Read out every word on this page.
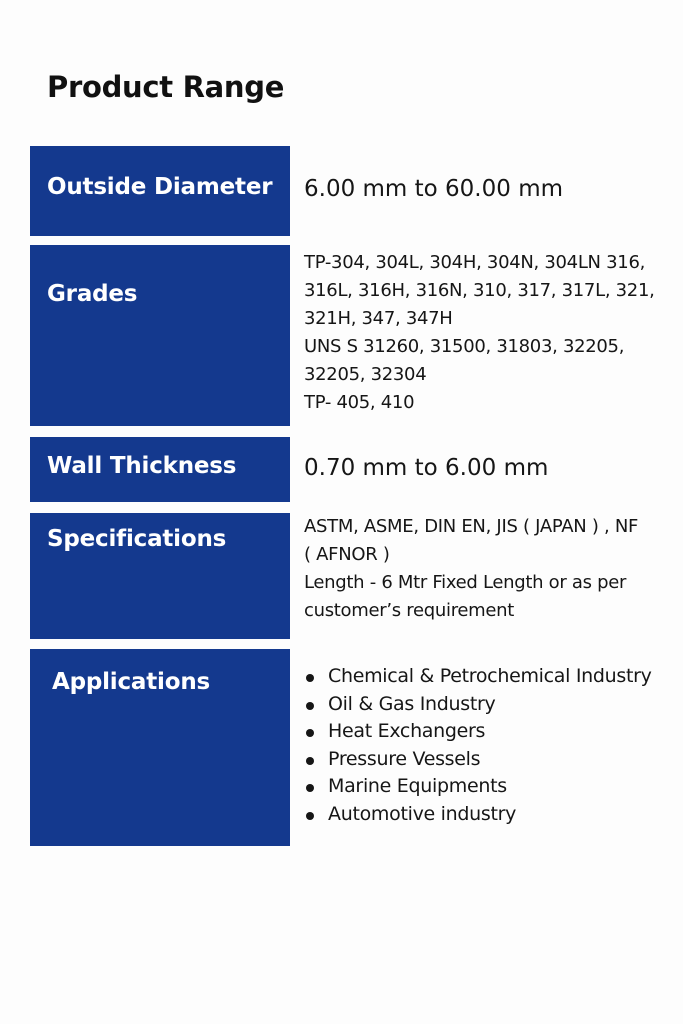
Product Range
Outside Diameter 6.00 mm to 60.00 mm
Grades
TP-304, 304L, 304H, 304N, 304LN 316,
316L, 316H, 316N, 310, 317, 317L, 321,
321H, 347, 347H
UNS S 31260, 31500, 31803, 32205,
32205, 32304
TP- 405, 410
Wall Thickness	0.70 mm to 6.00 mm
Specifications	ASTM, ASME, DIN EN, JIS ( JAPAN ) , NF
( AFNOR )
Length - 6 Mtr Fixed Length or as per
customer’s requirement
Applications	Chemical & Petrochemical Industry
Oil & Gas Industry
Heat Exchangers
Pressure Vessels
Marine Equipments
Automotive industry
